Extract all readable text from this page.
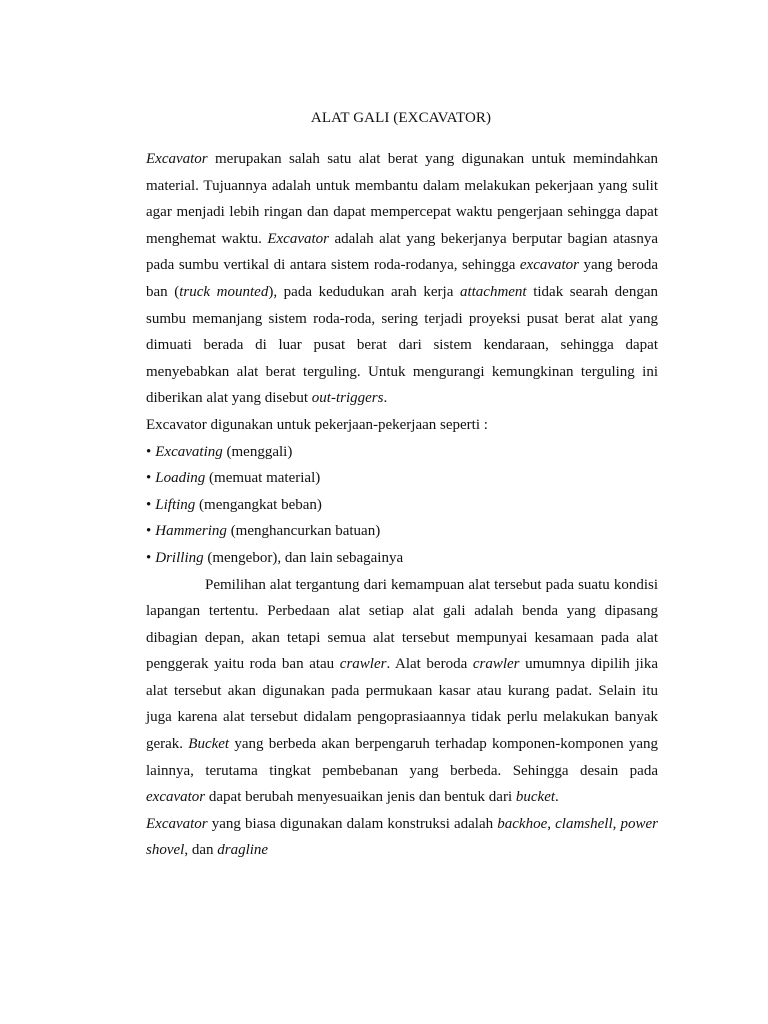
ALAT GALI (EXCAVATOR)

Excavator merupakan salah satu alat berat yang digunakan untuk memindahkan material. Tujuannya adalah untuk membantu dalam melakukan pekerjaan yang sulit agar menjadi lebih ringan dan dapat mempercepat waktu pengerjaan sehingga dapat menghemat waktu. Excavator adalah alat yang bekerjanya berputar bagian atasnya pada sumbu vertikal di antara sistem roda-rodanya, sehingga excavator yang beroda ban (truck mounted), pada kedudukan arah kerja attachment tidak searah dengan sumbu memanjang sistem roda-roda, sering terjadi proyeksi pusat berat alat yang dimuati berada di luar pusat berat dari sistem kendaraan, sehingga dapat menyebabkan alat berat terguling. Untuk mengurangi kemungkinan terguling ini diberikan alat yang disebut out-triggers.

Excavator digunakan untuk pekerjaan-pekerjaan seperti :

• Excavating (menggali)

• Loading (memuat material)

• Lifting (mengangkat beban)

• Hammering (menghancurkan batuan)

• Drilling (mengebor), dan lain sebagainya

Pemilihan alat tergantung dari kemampuan alat tersebut pada suatu kondisi lapangan tertentu. Perbedaan alat setiap alat gali adalah benda yang dipasang dibagian depan, akan tetapi semua alat tersebut mempunyai kesamaan pada alat penggerak yaitu roda ban atau crawler. Alat beroda crawler umumnya dipilih jika alat tersebut akan digunakan pada permukaan kasar atau kurang padat. Selain itu juga karena alat tersebut didalam pengoprasiaannya tidak perlu melakukan banyak gerak. Bucket yang berbeda akan berpengaruh terhadap komponen-komponen yang lainnya, terutama tingkat pembebanan yang berbeda. Sehingga desain pada excavator dapat berubah menyesuaikan jenis dan bentuk dari bucket.

Excavator yang biasa digunakan dalam konstruksi adalah backhoe, clamshell, power shovel, dan dragline
